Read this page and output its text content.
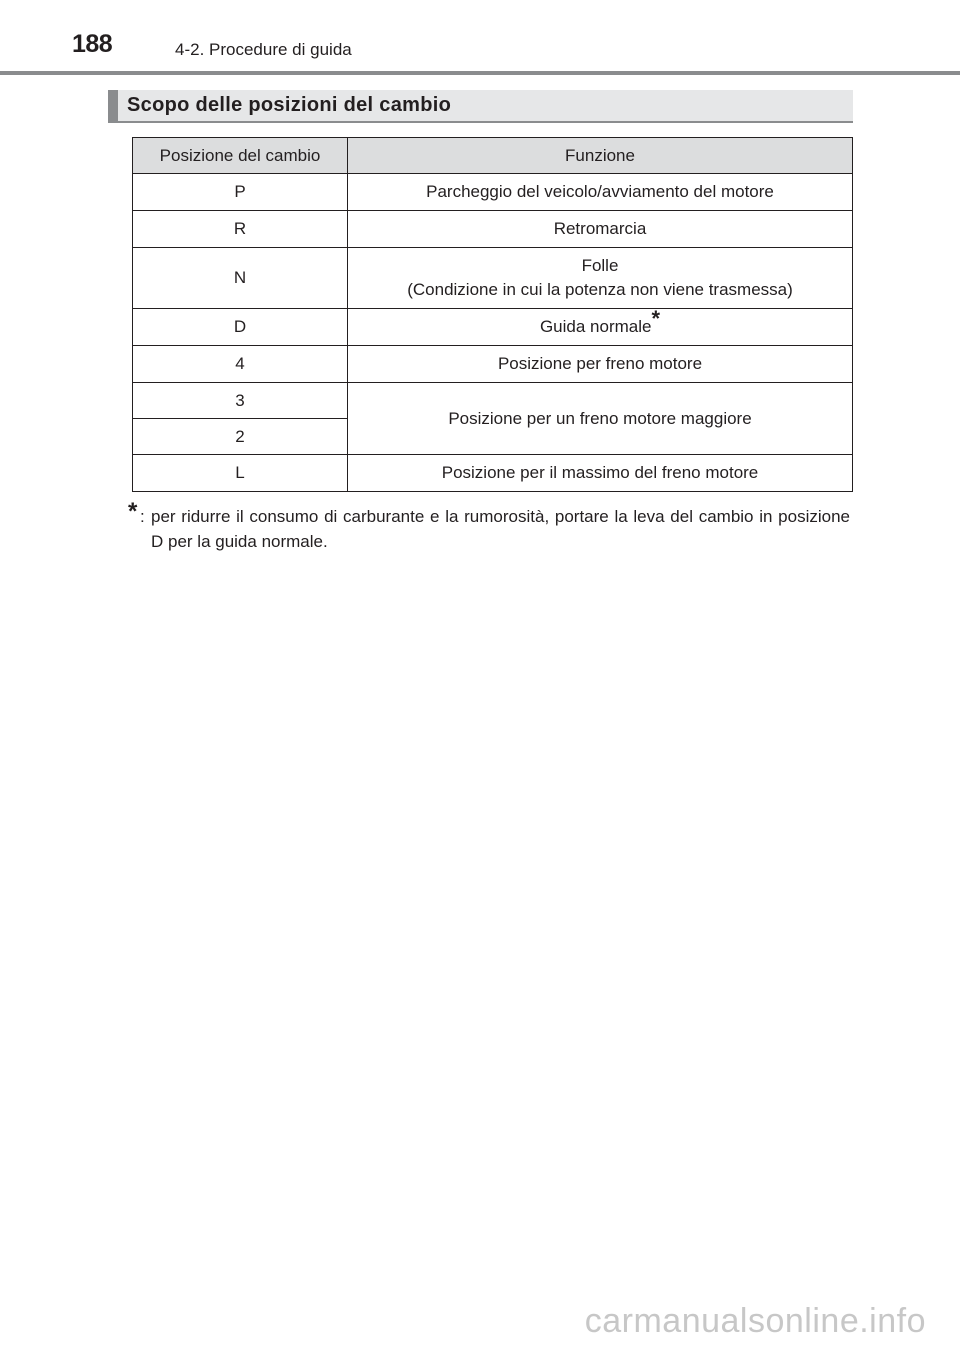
188	4-2. Procedure di guida
Scopo delle posizioni del cambio
Posizione del cambio	Funzione
P	Parcheggio del veicolo/avviamento del motore
R	Retromarcia
N	Folle
(Condizione in cui la potenza non viene trasmessa)

D	Guida normale*
4	Posizione per freno motore
3	Posizione per un freno motore maggiore
2	
L	Posizione per il massimo del freno motore
* : per ridurre il consumo di carburante e la rumorosità, portare la leva del cambio in posizione D per la guida normale.
carmanualsonline.info
